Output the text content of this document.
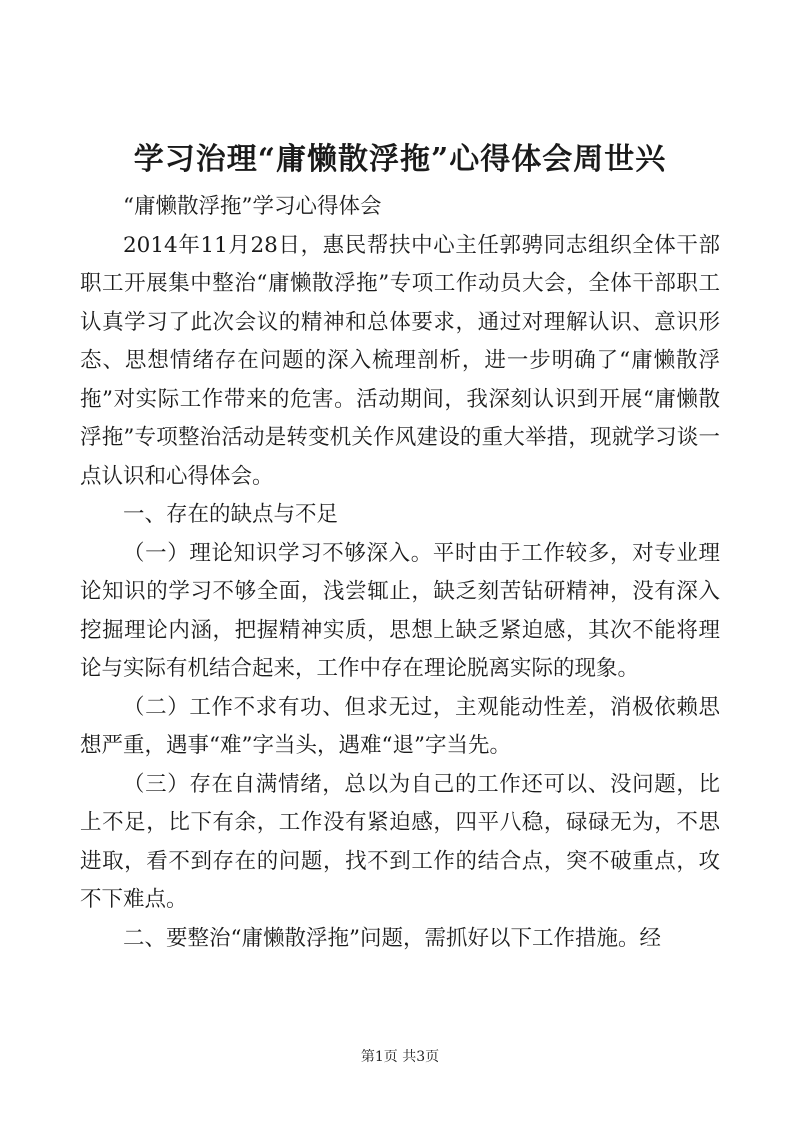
学习治理“庸懒散浮拖”心得体会周世兴

“庸懒散浮拖”学习心得体会

2014年11月28日，惠民帮扶中心主任郭骋同志组织全体干部职工开展集中整治“庸懒散浮拖”专项工作动员大会，全体干部职工认真学习了此次会议的精神和总体要求，通过对理解认识、意识形态、思想情绪存在问题的深入梳理剖析，进一步明确了“庸懒散浮拖”对实际工作带来的危害。活动期间，我深刻认识到开展“庸懒散浮拖”专项整治活动是转变机关作风建设的重大举措，现就学习谈一点认识和心得体会。

一、存在的缺点与不足

（一）理论知识学习不够深入。平时由于工作较多，对专业理论知识的学习不够全面，浅尝辄止，缺乏刻苦钻研精神，没有深入挖掘理论内涵，把握精神实质，思想上缺乏紧迫感，其次不能将理论与实际有机结合起来，工作中存在理论脱离实际的现象。

（二）工作不求有功、但求无过，主观能动性差，消极依赖思想严重，遇事“难”字当头，遇难“退”字当先。

（三）存在自满情绪，总以为自己的工作还可以、没问题，比上不足，比下有余，工作没有紧迫感，四平八稳，碌碌无为，不思进取，看不到存在的问题，找不到工作的结合点，突不破重点，攻不下难点。

二、要整治“庸懒散浮拖”问题，需抓好以下工作措施。经

第1页 共3页
